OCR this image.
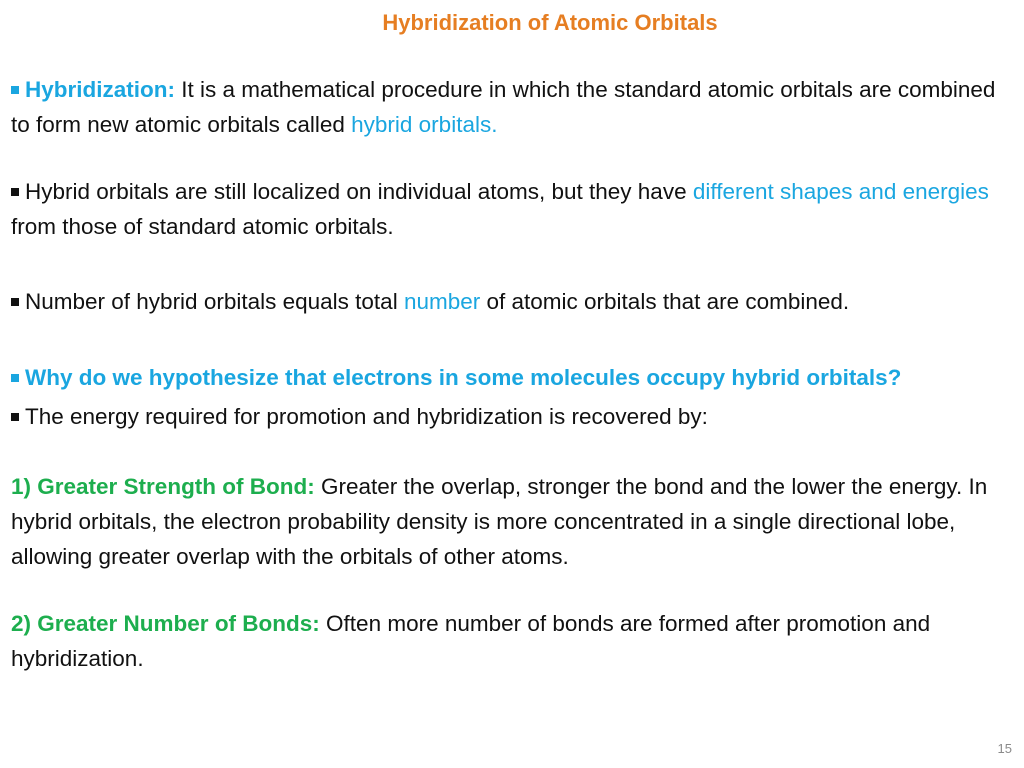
Hybridization of Atomic Orbitals
Hybridization: It is a mathematical procedure in which the standard atomic orbitals are combined to form new atomic orbitals called hybrid orbitals.
Hybrid orbitals are still localized on individual atoms, but they have different shapes and energies from those of standard atomic orbitals.
Number of hybrid orbitals equals total number of atomic orbitals that are combined.
Why do we hypothesize that electrons in some molecules occupy hybrid orbitals?
The energy required for promotion and hybridization is recovered by:
1) Greater Strength of Bond: Greater the overlap, stronger the bond and the lower the energy. In hybrid orbitals, the electron probability density is more concentrated in a single directional lobe, allowing greater overlap with the orbitals of other atoms.
2) Greater Number of Bonds: Often more number of bonds are formed after promotion and hybridization.
15
